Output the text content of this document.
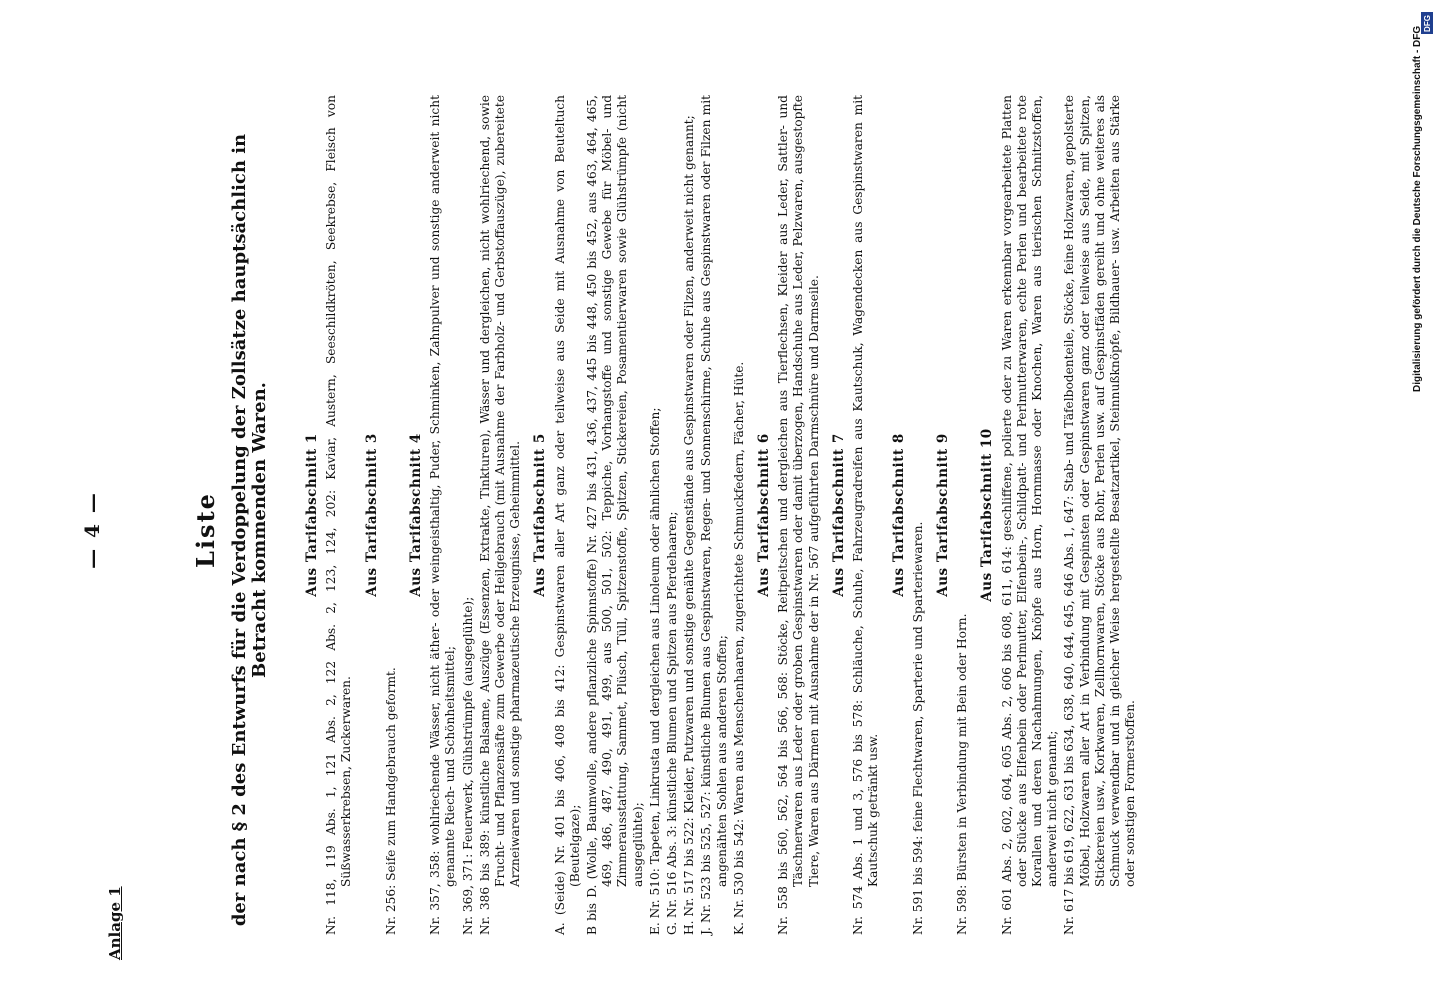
— 4 —
Anlage 1
Liste der nach § 2 des Entwurfs für die Verdoppelung der Zollsätze hauptsächlich in Betracht kommenden Waren.	Aus Tarifabschnitt 1 Nr. 118, 119 Abs. 1, 121 Abs. 2, 122 Abs. 2, 123, 124, 202: Kaviar, Austern, Seeschildkröten, Seekrebse, Fleisch von Süßwasserkrebsen, Zuckerwaren.
Aus Tarifabschnitt 3
Nr. 256: Seife zum Handgebrauch geformt.
Aus Tarifabschnitt 4 Nr. 357, 358: wohlriechende Wässer, nicht äther- oder weingeisthaltig, Puder, Schminken, Zahnpulver und sonstige anderweit nicht genannte Riech- und Schönheitsmittel; Nr. 369, 371: Feuerwerk, Glühstrümpfe (ausgeglühte); Nr. 386 bis 389: künstliche Balsame, Auszüge (Essenzen, Extrakte, Tinkturen), Wässer und dergleichen, nicht wohlriechend, sowie Frucht- und Pflanzensäfte zum Gewerbe oder Heilgebrauch (mit Ausnahme der Farbholz- und Gerbstoffauszüge), zubereitete Arzneiwaren und sonstige pharmazeutische Erzeugnisse, Geheimmittel. Aus Tarifabschnitt 5 A. (Seide) Nr. 401 bis 406, 408 bis 412: Gespinstwaren aller Art ganz oder teilweise aus Seide mit Ausnahme von Beuteltuch (Beutelgaze); B bis D. (Wolle, Baumwolle, andere pflanzliche Spinnstoffe) Nr. 427 bis 431, 436, 437, 445 bis 448, 450 bis 452, aus 463, 464, 465, 469, 486, 487, 490, 491, 499, aus 500, 501, 502: Teppiche, Vorhangstoffe und sonstige Gewebe für Möbel- und Zimmerausstattung, Sammet, Plüsch, Tüll, Spitzenstoffe, Spitzen, Stickereien, Posamentierwaren sowie Glühstrümpfe (nicht ausgeglühte); E. Nr. 510: Tapeten, Linkrusta und dergleichen aus Linoleum oder ähnlichen Stoffen; G. Nr. 516 Abs. 3: künstliche Blumen und Spitzen aus Pferdehaaren; H. Nr. 517 bis 522: Kleider, Putzwaren und sonstige genähte Gegenstände aus Gespinstwaren oder Filzen, anderweit nicht genannt; J. Nr. 523 bis 525, 527: künstliche Blumen aus Gespinstwaren, Regen- und Sonnenschirme, Schuhe aus Gespinstwaren oder Filzen mit angenähten Sohlen aus anderen Stoffen; K. Nr. 530 bis 542: Waren aus Menschenhaaren, zugerichtete Schmuckfedern, Fächer, Hüte. Aus Tarifabschnitt 6 Nr. 558 bis 560, 562, 564 bis 566, 568: Stöcke, Reitpeitschen und dergleichen aus Tierflechsen, Kleider aus Leder, Sattler- und Täschnerwaren aus Leder oder groben Gespinstwaren oder damit überzogen, Handschuhe aus Leder, Pelzwaren, ausgestopfte Tiere, Waren aus Därmen mit Ausnahme der in Nr. 567 aufgeführten Darmschnüre und Darmseile. Aus Tarifabschnitt 7 Nr. 574 Abs. 1 und 3, 576 bis 578: Schläuche, Schuhe, Fahrzeugradreifen aus Kautschuk, Wagendecken aus Gespinstwaren mit Kautschuk getränkt usw.
Aus Tarifabschnitt 8
Nr. 591 bis 594: feine Flechtwaren, Sparterie und Sparteriewaren.
Aus Tarifabschnitt 9
Nr. 598: Bürsten in Verbindung mit Bein oder Horn.
Aus Tarifabschnitt 10 Nr. 601 Abs. 2, 602, 604, 605 Abs. 2, 606 bis 608, 611, 614: geschliffene, polierte oder zu Waren erkennbar vorgearbeitete Platten oder Stücke aus Elfenbein oder Perlmutter, Elfenbein-, Schildpatt- und Perlmutterwaren, echte Perlen und bearbeitete rote Korallen und deren Nachahmungen, Knöpfe aus Horn, Hornmasse oder Knochen, Waren aus tierischen Schnitzstoffen, anderweit nicht genannt; Nr. 617 bis 619, 622, 631 bis 634, 638, 640, 644, 645, 646 Abs. 1, 647: Stab- und Täfelbodenteile, Stöcke, feine Holzwaren, gepolsterte Möbel, Holzwaren aller Art in Verbindung mit Gespinsten oder Gespinstwaren ganz oder teilweise aus Seide, mit Spitzen, Stickereien usw., Korkwaren, Zellhornwaren, Stöcke aus Rohr, Perlen usw. auf Gespinstfäden gereiht und ohne weiteres als Schmuck verwendbar und in gleicher Weise hergestellte Besatzartikel, Steinnußknöpfe, Bildhauer- usw. Arbeiten aus Stärke oder sonstigen Formerstoffen.
DFG
Digitalisierung gefördert durch die Deutsche Forschungsgemeinschaft - DFG
